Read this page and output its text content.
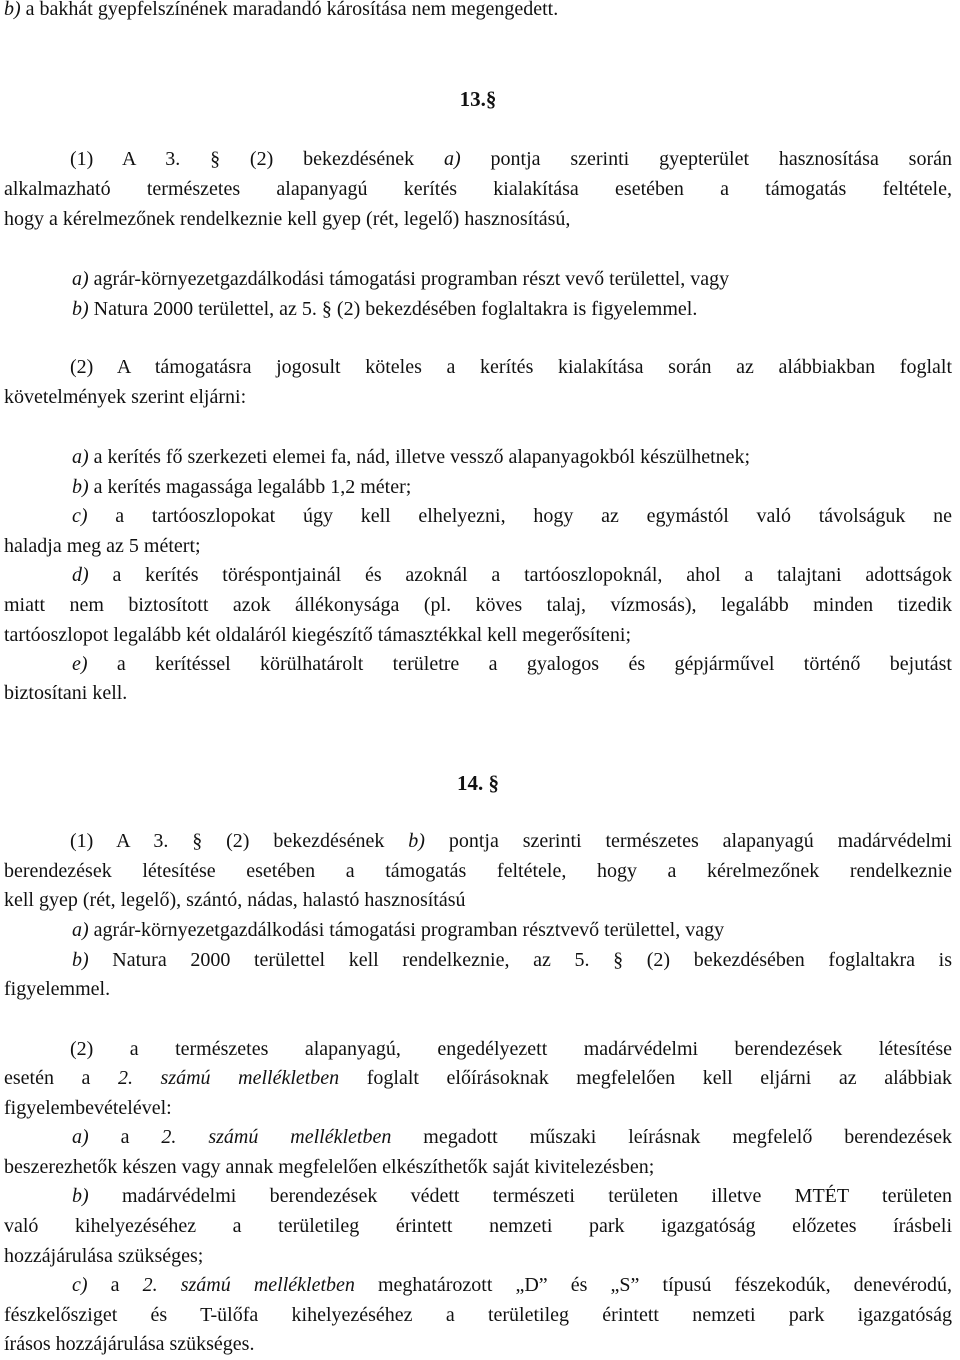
b) a bakhát gyepfelszínének maradandó károsítása nem megengedett.
13.§
(1) A 3. § (2) bekezdésének a) pontja szerinti gyepterület hasznosítása során
alkalmazható természetes alapanyagú kerítés kialakítása esetében a támogatás feltétele,
hogy a kérelmezőnek rendelkeznie kell gyep (rét, legelő) hasznosítású,
a) agrár-környezetgazdálkodási támogatási programban részt vevő területtel, vagy
b) Natura 2000 területtel, az 5. § (2) bekezdésében foglaltakra is figyelemmel.
(2) A támogatásra jogosult köteles a kerítés kialakítása során az alábbiakban foglalt
követelmények szerint eljárni:
a) a kerítés fő szerkezeti elemei fa, nád, illetve vessző alapanyagokból készülhetnek;
b) a kerítés magassága legalább 1,2 méter;
c) a tartóoszlopokat úgy kell elhelyezni, hogy az egymástól való távolságuk ne
haladja meg az 5 métert;
d) a kerítés töréspontjainál és azoknál a tartóoszlopoknál, ahol a talajtani adottságok
miatt nem biztosított azok állékonysága (pl. köves talaj, vízmosás), legalább minden tizedik
tartóoszlopot legalább két oldaláról kiegészítő támasztékkal kell megerősíteni;
e) a kerítéssel körülhatárolt területre a gyalogos és gépjárművel történő bejutást
biztosítani kell.
14. §
(1) A 3. § (2) bekezdésének b) pontja szerinti természetes alapanyagú madárvédelmi
berendezések létesítése esetében a támogatás feltétele, hogy a kérelmezőnek rendelkeznie
kell gyep (rét, legelő), szántó, nádas, halastó hasznosítású
a) agrár-környezetgazdálkodási támogatási programban résztvevő területtel, vagy
b) Natura 2000 területtel kell rendelkeznie, az 5. § (2) bekezdésében foglaltakra is
figyelemmel.
(2) a természetes alapanyagú, engedélyezett madárvédelmi berendezések létesítése
esetén a 2. számú mellékletben foglalt előírásoknak megfelelően kell eljárni az alábbiak
figyelembevételével:
a) a 2. számú mellékletben megadott műszaki leírásnak megfelelő berendezések
beszerezhetők készen vagy annak megfelelően elkészíthetők saját kivitelezésben;
b) madárvédelmi berendezések védett természeti területen illetve MTÉT területen
való kihelyezéséhez a területileg érintett nemzeti park igazgatóság előzetes írásbeli
hozzájárulása szükséges;
c) a 2. számú mellékletben meghatározott „D” és „S” típusú fészekodúk, denevérodú,
fészkelősziget és T-ülőfa kihelyezéséhez a területileg érintett nemzeti park igazgatóság
írásos hozzájárulása szükséges.
